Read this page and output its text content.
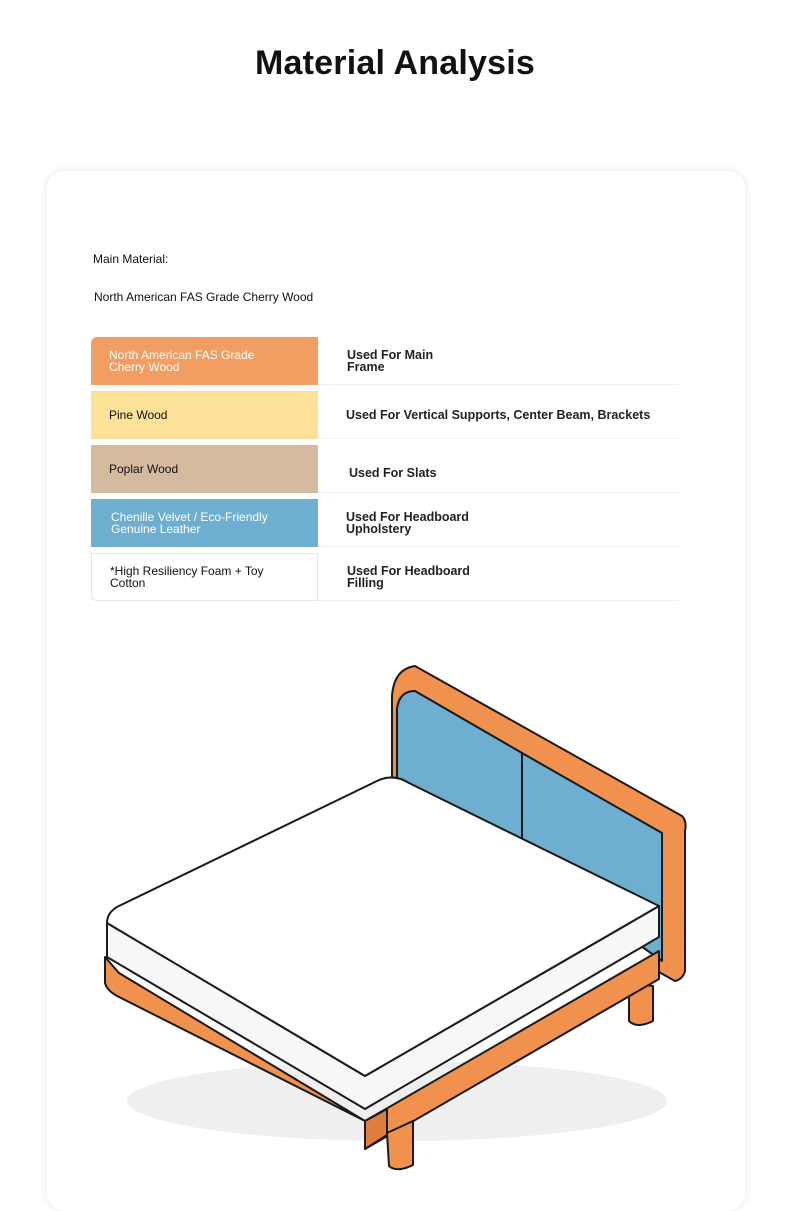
Material Analysis
Main Material:
North American FAS Grade Cherry Wood
North American FAS Grade Cherry Wood
Used For Main Frame
Pine Wood	Used For Vertical Supports, Center Beam, Brackets
Poplar Wood	Used For Slats
Chenille Velvet / Eco-Friendly Genuine Leather
Used For Headboard Upholstery
*High Resiliency Foam + Toy Cotton
Used For Headboard Filling
